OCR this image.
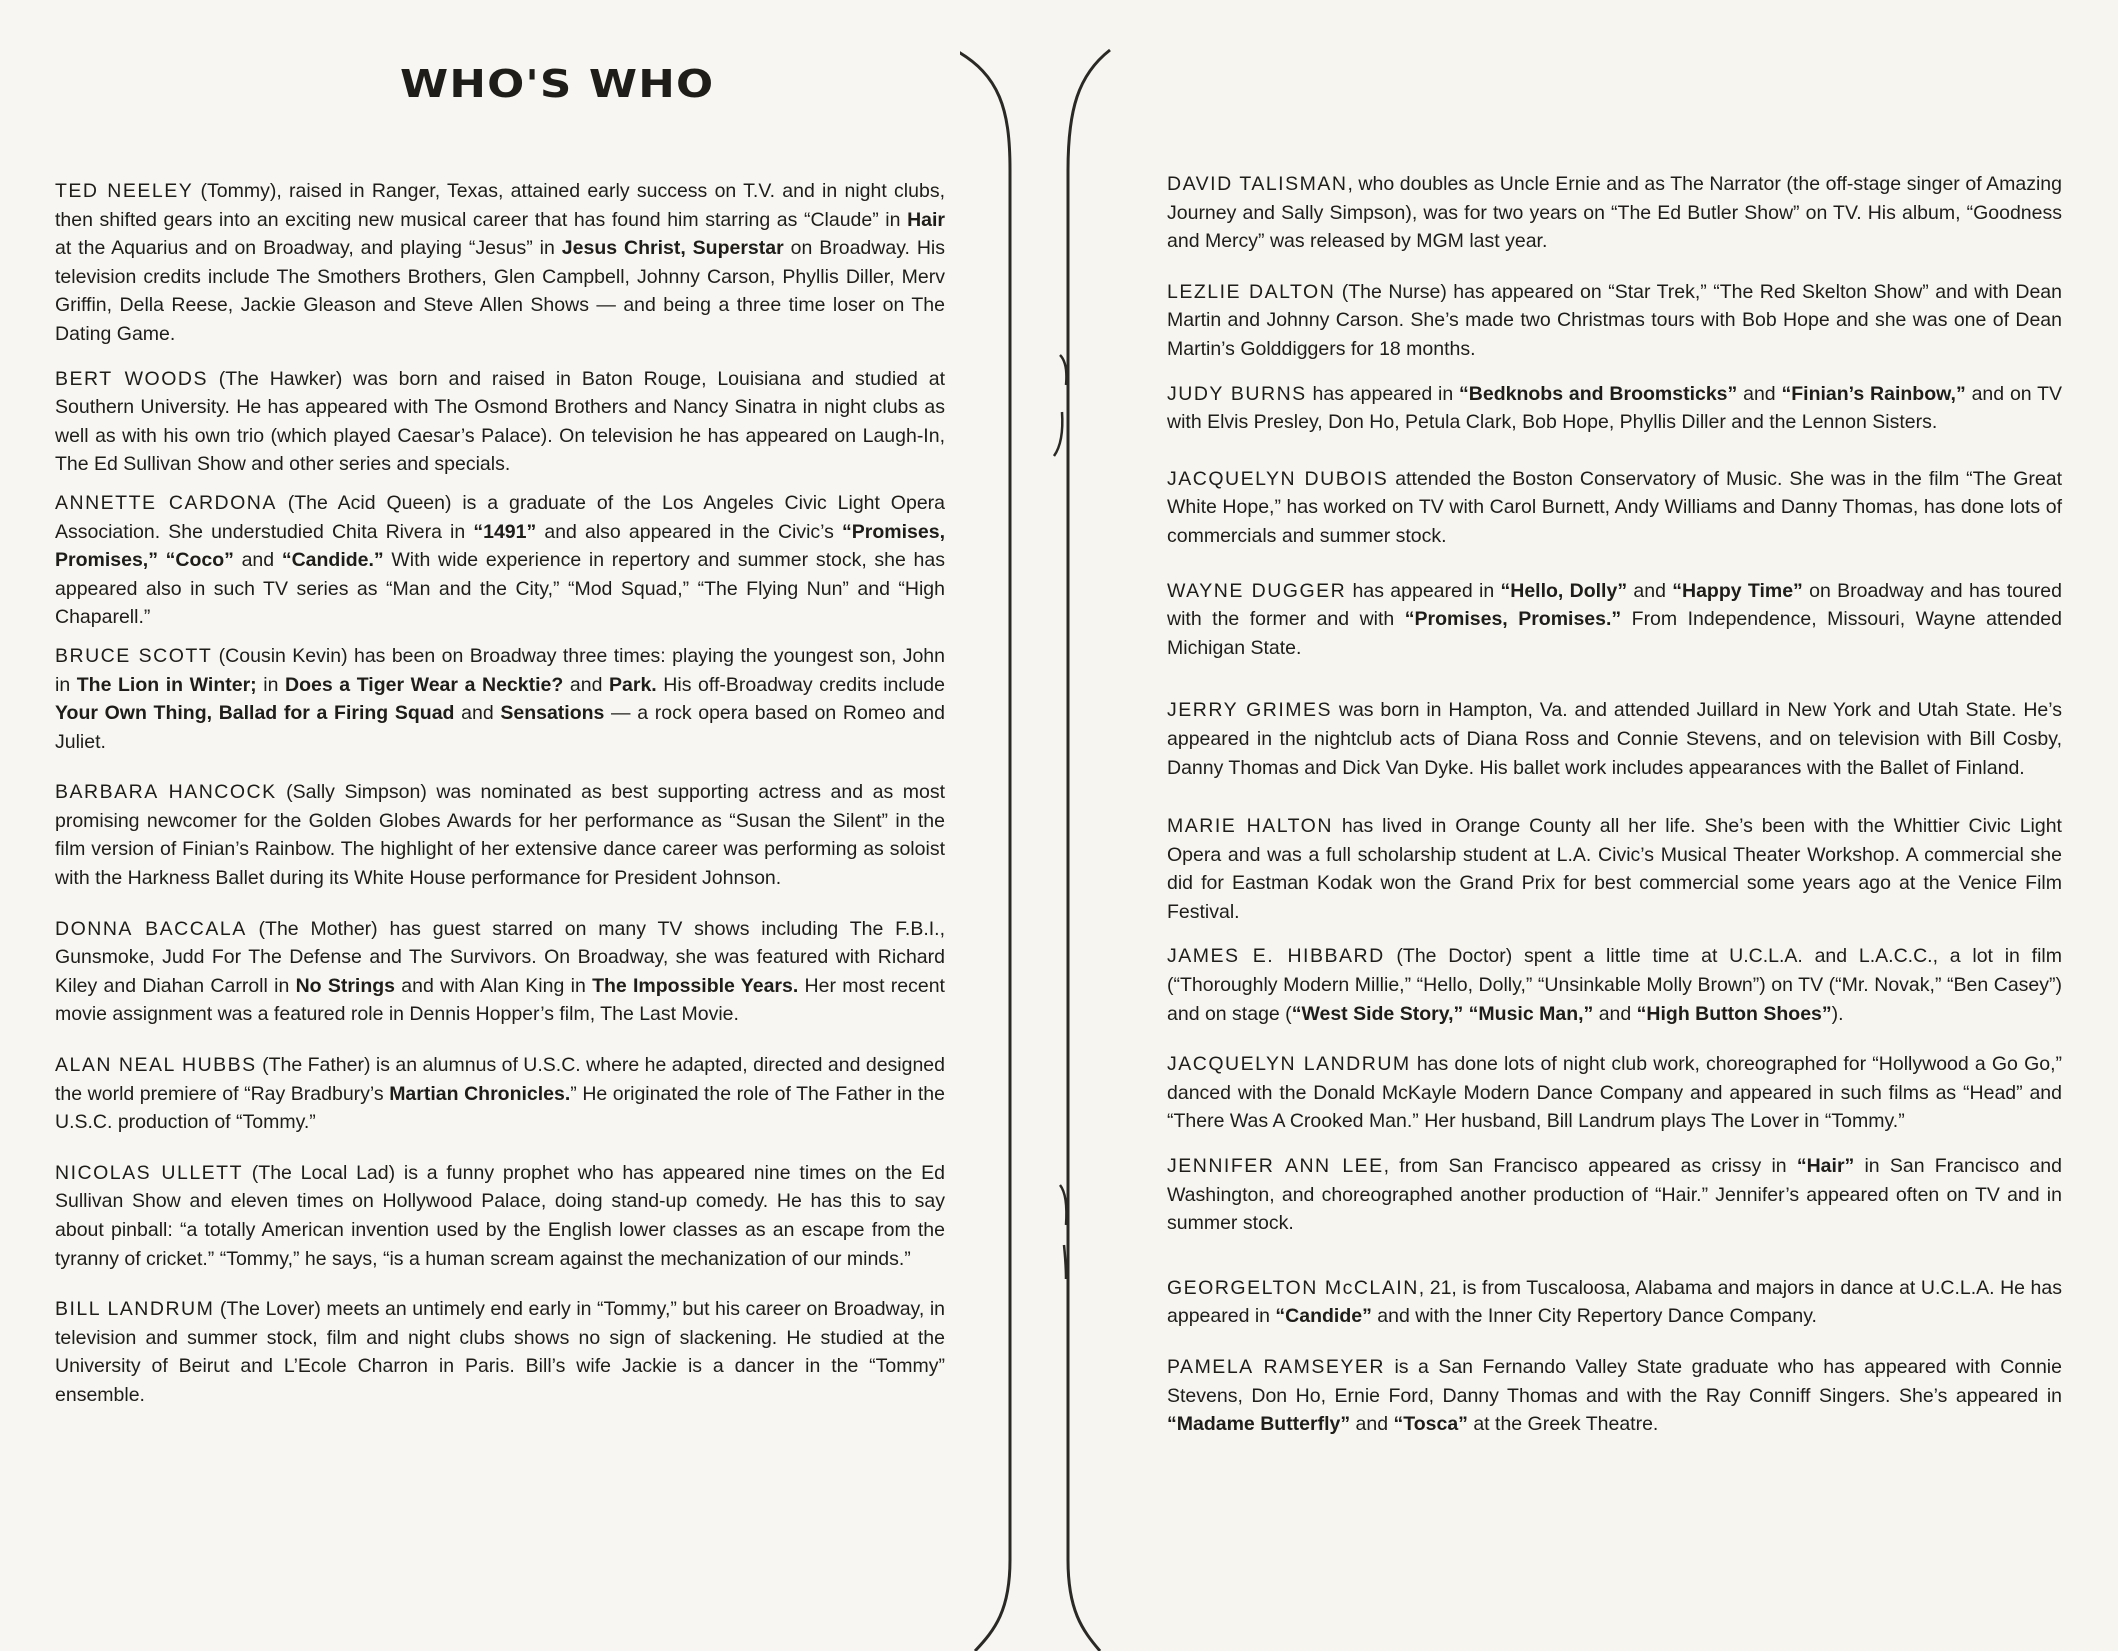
WHO'S WHO

TED NEELEY (Tommy), raised in Ranger, Texas, attained early success on T.V. and in night clubs, then shifted gears into an exciting new musical career that has found him starring as “Claude” in Hair at the Aquarius and on Broadway, and playing “Jesus” in Jesus Christ, Superstar on Broadway. His television credits include The Smothers Brothers, Glen Campbell, Johnny Carson, Phyllis Diller, Merv Griffin, Della Reese, Jackie Gleason and Steve Allen Shows — and being a three time loser on The Dating Game.

BERT WOODS (The Hawker) was born and raised in Baton Rouge, Louisiana and studied at Southern University. He has appeared with The Osmond Brothers and Nancy Sinatra in night clubs as well as with his own trio (which played Caesar’s Palace). On television he has appeared on Laugh-In, The Ed Sullivan Show and other series and specials.

ANNETTE CARDONA (The Acid Queen) is a graduate of the Los Angeles Civic Light Opera Association. She understudied Chita Rivera in “1491” and also appeared in the Civic’s “Promises, Promises,” “Coco” and “Candide.” With wide experience in repertory and summer stock, she has appeared also in such TV series as “Man and the City,” “Mod Squad,” “The Flying Nun” and “High Chaparell.”

BRUCE SCOTT (Cousin Kevin) has been on Broadway three times: playing the youngest son, John in The Lion in Winter; in Does a Tiger Wear a Necktie? and Park. His off-Broadway credits include Your Own Thing, Ballad for a Firing Squad and Sensations — a rock opera based on Romeo and Juliet.

BARBARA HANCOCK (Sally Simpson) was nominated as best supporting actress and as most promising newcomer for the Golden Globes Awards for her performance as “Susan the Silent” in the film version of Finian’s Rainbow. The highlight of her extensive dance career was performing as soloist with the Harkness Ballet during its White House performance for President Johnson.

DONNA BACCALA (The Mother) has guest starred on many TV shows including The F.B.I., Gunsmoke, Judd For The Defense and The Survivors. On Broadway, she was featured with Richard Kiley and Diahan Carroll in No Strings and with Alan King in The Impossible Years. Her most recent movie assignment was a featured role in Dennis Hopper’s film, The Last Movie.

ALAN NEAL HUBBS (The Father) is an alumnus of U.S.C. where he adapted, directed and designed the world premiere of “Ray Bradbury’s Martian Chronicles.” He originated the role of The Father in the U.S.C. production of “Tommy.”

NICOLAS ULLETT (The Local Lad) is a funny prophet who has appeared nine times on the Ed Sullivan Show and eleven times on Hollywood Palace, doing stand-up comedy. He has this to say about pinball: “a totally American invention used by the English lower classes as an escape from the tyranny of cricket.” “Tommy,” he says, “is a human scream against the mechanization of our minds.”

BILL LANDRUM (The Lover) meets an untimely end early in “Tommy,” but his career on Broadway, in television and summer stock, film and night clubs shows no sign of slackening. He studied at the University of Beirut and L’Ecole Charron in Paris. Bill’s wife Jackie is a dancer in the “Tommy” ensemble.

DAVID TALISMAN, who doubles as Uncle Ernie and as The Narrator (the off-stage singer of Amazing Journey and Sally Simpson), was for two years on “The Ed Butler Show” on TV. His album, “Goodness and Mercy” was released by MGM last year.

LEZLIE DALTON (The Nurse) has appeared on “Star Trek,” “The Red Skelton Show” and with Dean Martin and Johnny Carson. She’s made two Christmas tours with Bob Hope and she was one of Dean Martin’s Golddiggers for 18 months.

JUDY BURNS has appeared in “Bedknobs and Broomsticks” and “Finian’s Rainbow,” and on TV with Elvis Presley, Don Ho, Petula Clark, Bob Hope, Phyllis Diller and the Lennon Sisters.

JACQUELYN DUBOIS attended the Boston Conservatory of Music. She was in the film “The Great White Hope,” has worked on TV with Carol Burnett, Andy Williams and Danny Thomas, has done lots of commercials and summer stock.

WAYNE DUGGER has appeared in “Hello, Dolly” and “Happy Time” on Broadway and has toured with the former and with “Promises, Promises.” From Independence, Missouri, Wayne attended Michigan State.

JERRY GRIMES was born in Hampton, Va. and attended Juillard in New York and Utah State. He’s appeared in the nightclub acts of Diana Ross and Connie Stevens, and on television with Bill Cosby, Danny Thomas and Dick Van Dyke. His ballet work includes appearances with the Ballet of Finland.

MARIE HALTON has lived in Orange County all her life. She’s been with the Whittier Civic Light Opera and was a full scholarship student at L.A. Civic’s Musical Theater Workshop. A commercial she did for Eastman Kodak won the Grand Prix for best commercial some years ago at the Venice Film Festival.

JAMES E. HIBBARD (The Doctor) spent a little time at U.C.L.A. and L.A.C.C., a lot in film (“Thoroughly Modern Millie,” “Hello, Dolly,” “Unsinkable Molly Brown”) on TV (“Mr. Novak,” “Ben Casey”) and on stage (“West Side Story,” “Music Man,” and “High Button Shoes”).

JACQUELYN LANDRUM has done lots of night club work, choreographed for “Hollywood a Go Go,” danced with the Donald McKayle Modern Dance Company and appeared in such films as “Head” and “There Was A Crooked Man.” Her husband, Bill Landrum plays The Lover in “Tommy.”

JENNIFER ANN LEE, from San Francisco appeared as crissy in “Hair” in San Francisco and Washington, and choreographed another production of “Hair.” Jennifer’s appeared often on TV and in summer stock.

GEORGELTON McCLAIN, 21, is from Tuscaloosa, Alabama and majors in dance at U.C.L.A. He has appeared in “Candide” and with the Inner City Repertory Dance Company.

PAMELA RAMSEYER is a San Fernando Valley State graduate who has appeared with Connie Stevens, Don Ho, Ernie Ford, Danny Thomas and with the Ray Conniff Singers. She’s appeared in “Madame Butterfly” and “Tosca” at the Greek Theatre.
